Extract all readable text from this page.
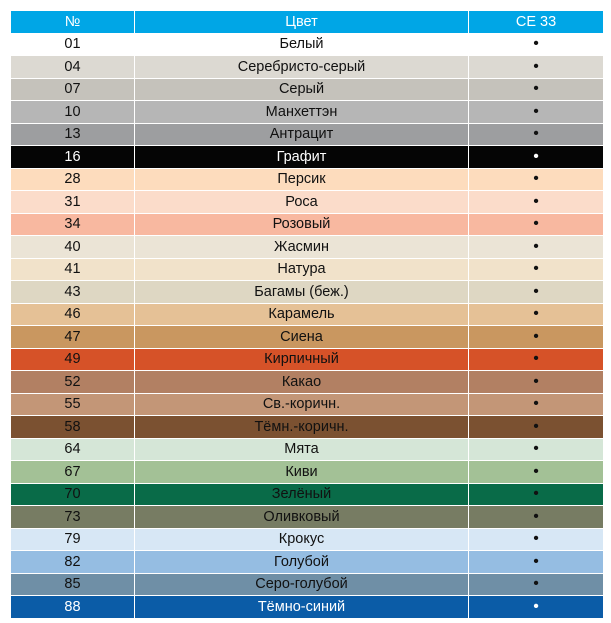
№	Цвет	CE 33
01	Белый	•
04	Серебристо-серый	•
07	Серый	•
10	Манхеттэн	•
13	Антрацит	•
16	Графит	•
28	Персик	•
31	Роса	•
34	Розовый	•
40	Жасмин	•
41	Натура	•
43	Багамы (беж.)	•
46	Карамель	•
47	Сиена	•
49	Кирпичный	•
52	Какао	•
55	Св.-коричн.	•
58	Тёмн.-коричн.	•
64	Мята	•
67	Киви	•
70	Зелёный	•
73	Оливковый	•
79	Крокус	•
82	Голубой	•
85	Серо-голубой	•
88	Тёмно-синий	•
